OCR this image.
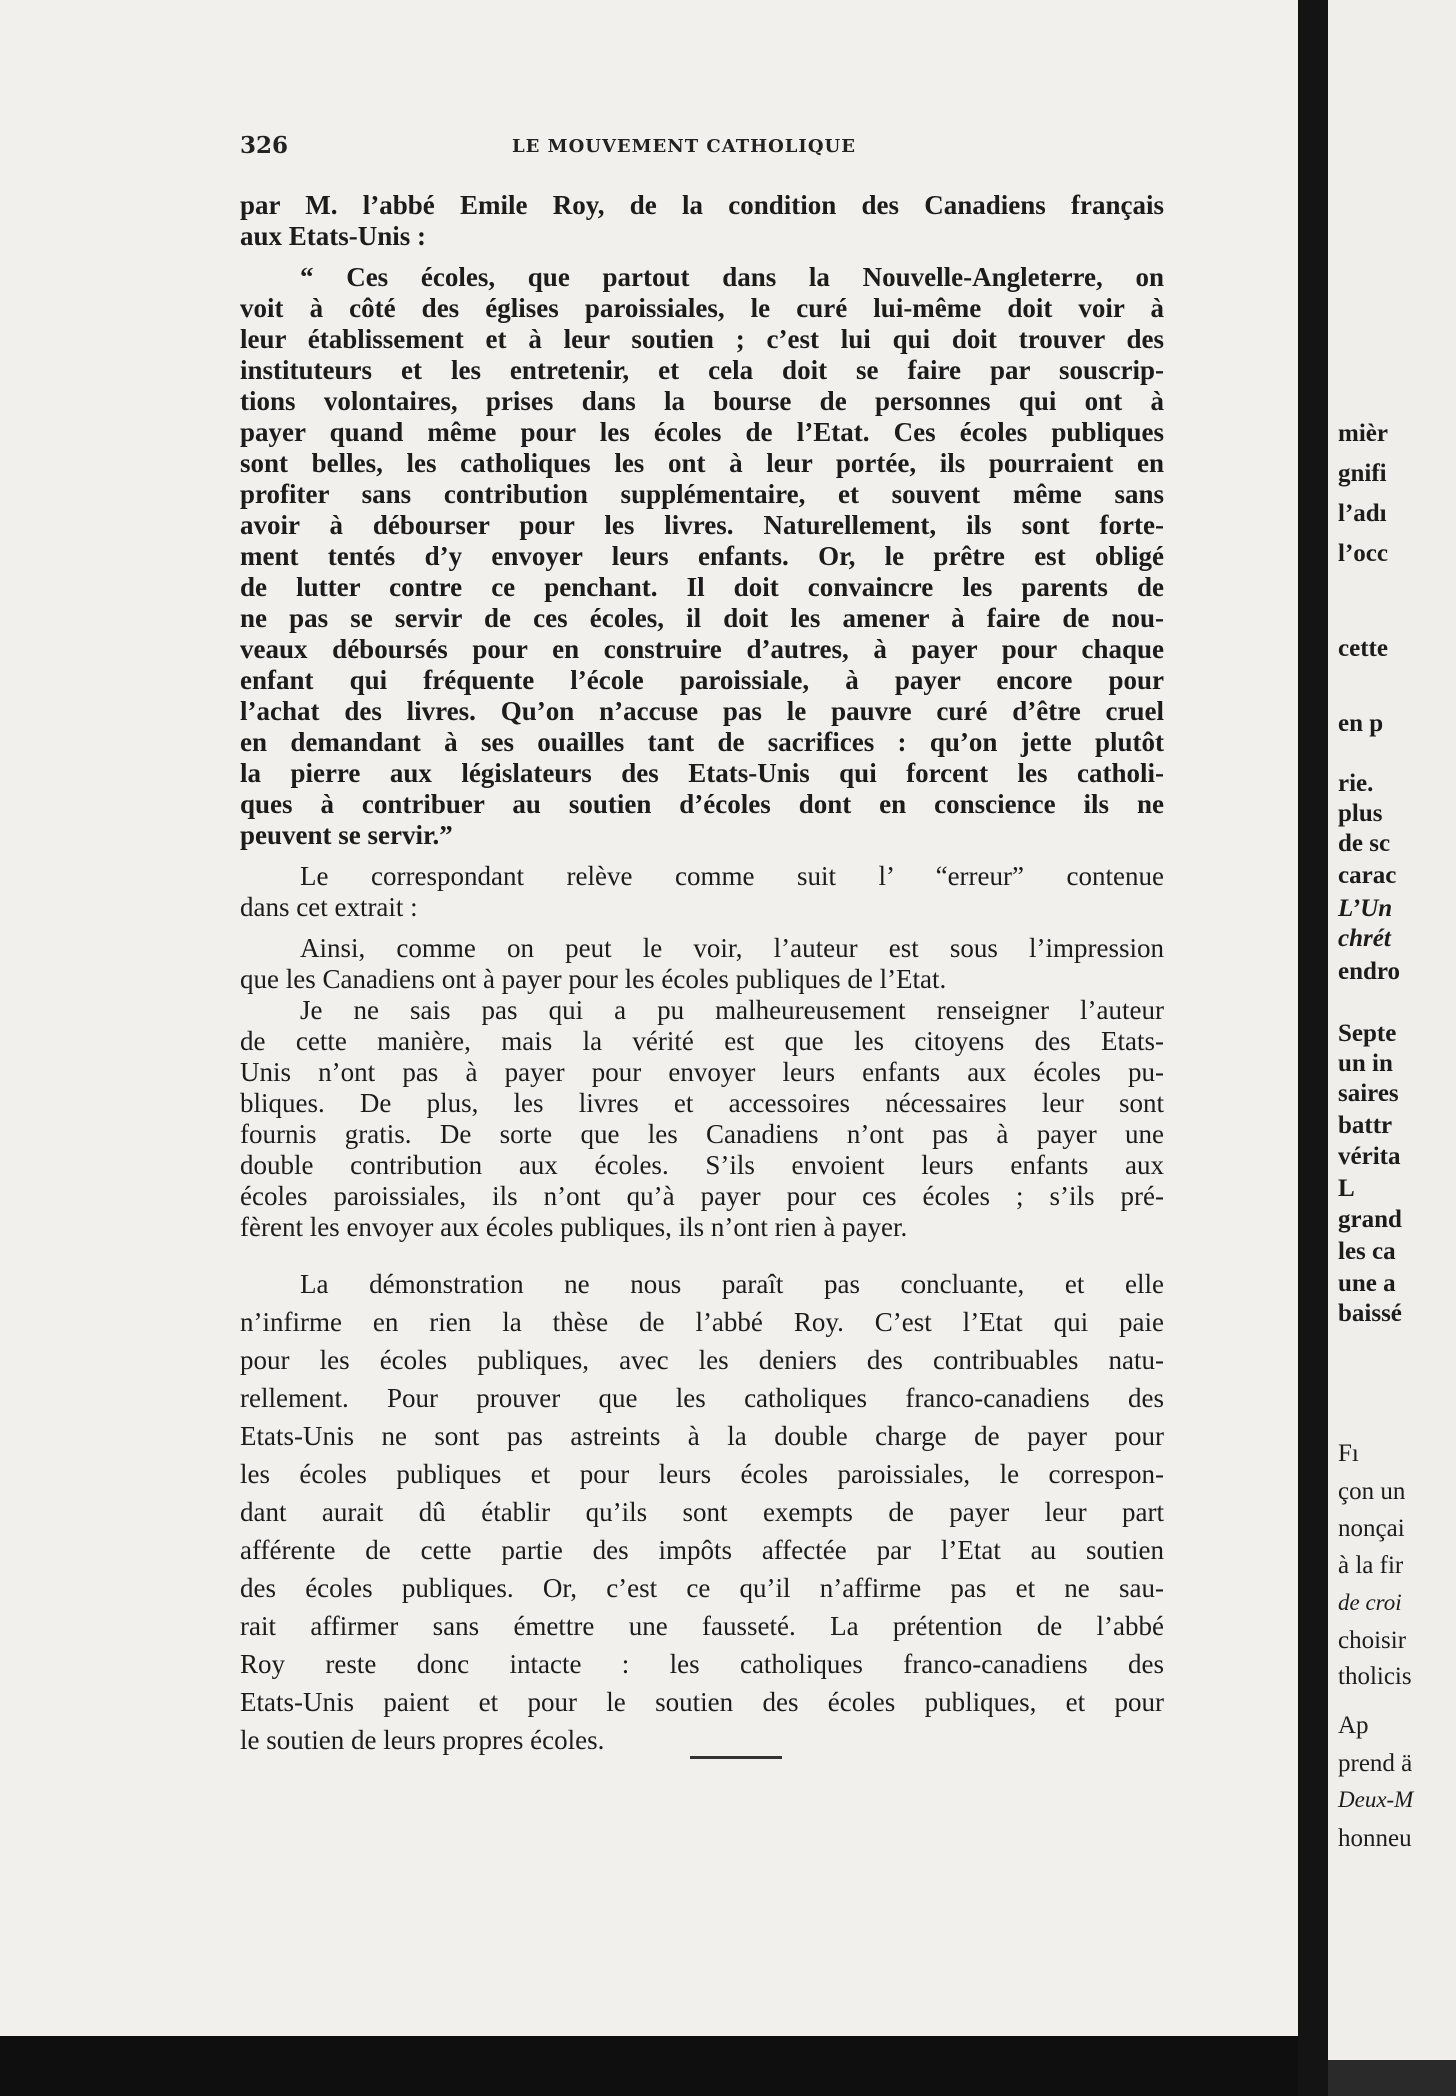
mièr
gnifi
l’adı
l’occ
cette
en p
rie.
plus
de sc
carac
L’Un
chrét
endro
Septe
un in
saires
battr
vérita
L
grand
les ca
une a
baissé
Fı
çon un
nonçai
à la fir
de croi
choisir
tholicis
Ap
prend ä
Deux-M
honneu
326	LE MOUVEMENT CATHOLIQUE
par M. l’abbé Emile Roy, de la condition des Canadiens français
aux Etats-Unis :
“ Ces écoles, que partout dans la Nouvelle-Angleterre, on
voit à côté des églises paroissiales, le curé lui-même doit voir à
leur établissement et à leur soutien ; c’est lui qui doit trouver des
instituteurs et les entretenir, et cela doit se faire par souscrip-
tions volontaires, prises dans la bourse de personnes qui ont à
payer quand même pour les écoles de l’Etat. Ces écoles publiques
sont belles, les catholiques les ont à leur portée, ils pourraient en
profiter sans contribution supplémentaire, et souvent même sans
avoir à débourser pour les livres. Naturellement, ils sont forte-
ment tentés d’y envoyer leurs enfants. Or, le prêtre est obligé
de lutter contre ce penchant. Il doit convaincre les parents de
ne pas se servir de ces écoles, il doit les amener à faire de nou-
veaux déboursés pour en construire d’autres, à payer pour chaque
enfant qui fréquente l’école paroissiale, à payer encore pour
l’achat des livres. Qu’on n’accuse pas le pauvre curé d’être cruel
en demandant à ses ouailles tant de sacrifices : qu’on jette plutôt
la pierre aux législateurs des Etats-Unis qui forcent les catholi-
ques à contribuer au soutien d’écoles dont en conscience ils ne
peuvent se servir.”
Le correspondant relève comme suit l’ “erreur” contenue
dans cet extrait :
Ainsi, comme on peut le voir, l’auteur est sous l’impression
que les Canadiens ont à payer pour les écoles publiques de l’Etat.
Je ne sais pas qui a pu malheureusement renseigner l’auteur
de cette manière, mais la vérité est que les citoyens des Etats-
Unis n’ont pas à payer pour envoyer leurs enfants aux écoles pu-
bliques. De plus, les livres et accessoires nécessaires leur sont
fournis gratis. De sorte que les Canadiens n’ont pas à payer une
double contribution aux écoles. S’ils envoient leurs enfants aux
écoles paroissiales, ils n’ont qu’à payer pour ces écoles ; s’ils pré-
fèrent les envoyer aux écoles publiques, ils n’ont rien à payer.
La démonstration ne nous paraît pas concluante, et elle
n’infirme en rien la thèse de l’abbé Roy. C’est l’Etat qui paie
pour les écoles publiques, avec les deniers des contribuables natu-
rellement. Pour prouver que les catholiques franco-canadiens des
Etats-Unis ne sont pas astreints à la double charge de payer pour
les écoles publiques et pour leurs écoles paroissiales, le correspon-
dant aurait dû établir qu’ils sont exempts de payer leur part
afférente de cette partie des impôts affectée par l’Etat au soutien
des écoles publiques. Or, c’est ce qu’il n’affirme pas et ne sau-
rait affirmer sans émettre une fausseté. La prétention de l’abbé
Roy reste donc intacte : les catholiques franco-canadiens des
Etats-Unis paient et pour le soutien des écoles publiques, et pour
le soutien de leurs propres écoles.
